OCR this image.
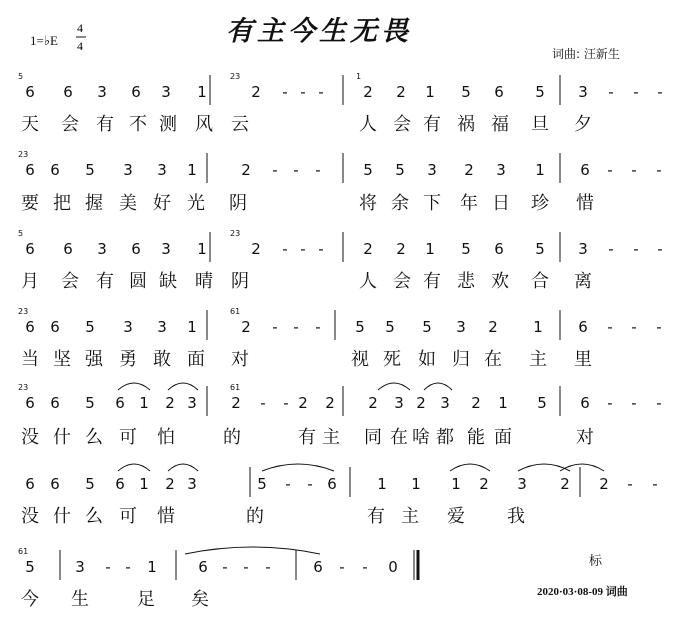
1=♭E
4
4	有主今生无畏
词曲: 汪新生
标
2020·03·08-09 词曲
6 6 3 6 3 1	2 - - -	2 2 1 5 6 5 3 - - -
天 会 有 不 测 风 云	人 会 有 祸 福 旦 夕
5	23	1
6 6 5 3 3 1	2 - - -	5 5 3 2 3 1 6 - - -
要 把 握 美 好 光 阴	将 余 下 年 日 珍 惜
23
6 6 3 6 3 1	2 - - -	2 2 1 5 6 5 3 - - -
月 会 有 圆 缺 晴 阴	人 会 有 悲 欢 合 离
5	23
6 6 5 3 3 1	2 - - - 5 5 5 3 2 1 6 - - -
当 坚 强 勇 敢 面 对	视 死 如 归 在 主 里
23	61
6 6 5 6 1 2 3 2 - - 2 2 2 3 2 3 2 1 5 6 - - -
没 什 么 可 怕	的	有 主 同 在 啥 都 能 面	对
23	61
6 6 5 6 1 2 3	5 - - 6	1 1 1 2 3 2 2 - -
没 什 么 可 惜	的	有 主 爱 我
5	3 - - 1	6 - - -	6 - - 0
今 生	足 矣
61
